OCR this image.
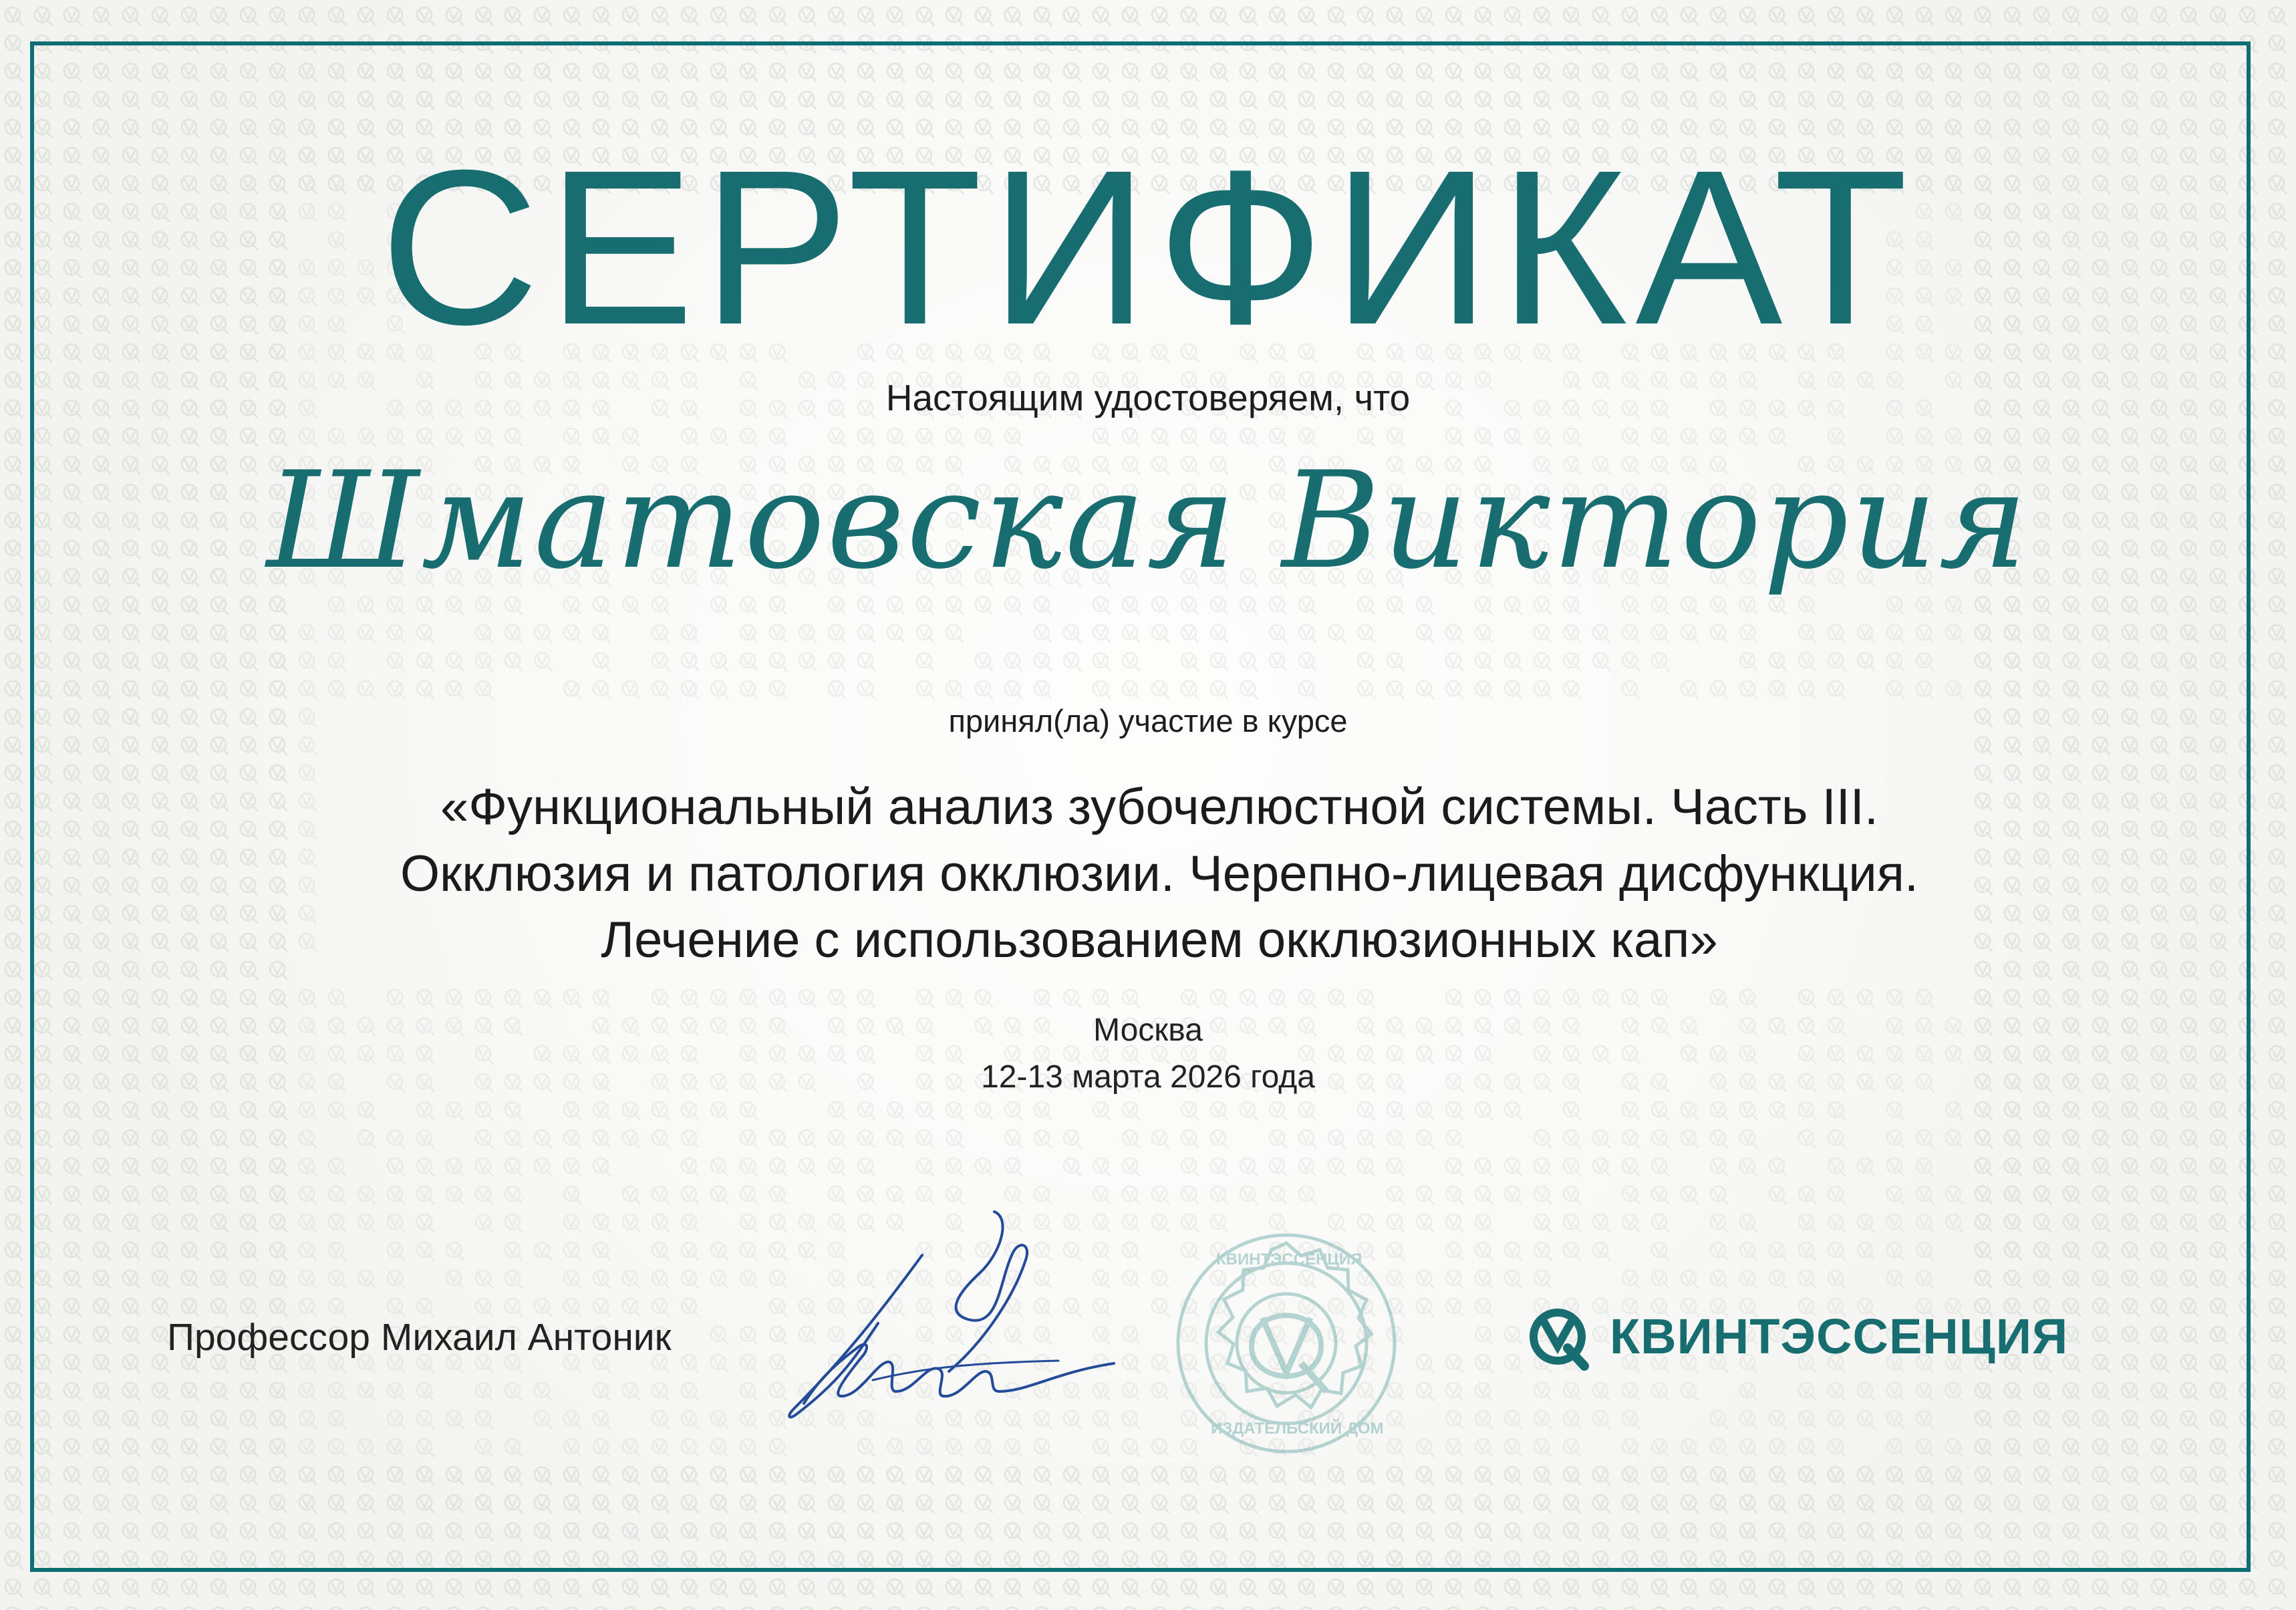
СЕРТИФИКАТ
Настоящим удостоверяем, что
Шматовская Виктория
принял(ла) участие в курсе
«Функциональный анализ зубочелюстной системы. Часть III.
Окклюзия и патология окклюзии. Черепно-лицевая дисфункция.
Лечение с использованием окклюзионных кап»
Москва
12-13 марта 2026 года
Профессор Михаил Антоник
КВИНТЭССЕНЦИЯ
ИЗДАТЕЛЬСКИЙ ДОМ
КВИНТЭССЕНЦИЯ
